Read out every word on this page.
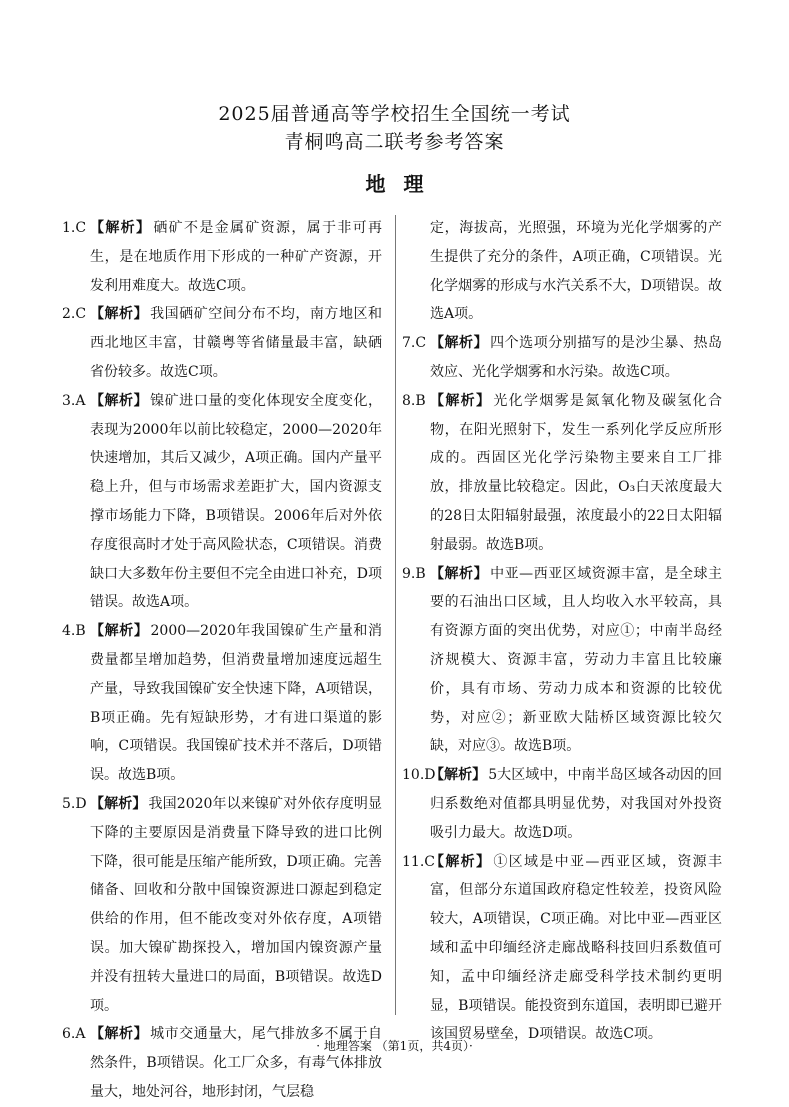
2025届普通高等学校招生全国统一考试
青桐鸣高二联考参考答案
地理

1.C 【解析】 硒矿不是金属矿资源，属于非可再生，是在地质作用下形成的一种矿产资源，开发利用难度大。故选C项。

2.C 【解析】 我国硒矿空间分布不均，南方地区和西北地区丰富，甘赣粤等省储量最丰富，缺硒省份较多。故选C项。

3.A 【解析】 镍矿进口量的变化体现安全度变化，表现为2000年以前比较稳定，2000—2020年快速增加，其后又减少，A项正确。国内产量平稳上升，但与市场需求差距扩大，国内资源支撑市场能力下降，B项错误。2006年后对外依存度很高时才处于高风险状态，C项错误。消费缺口大多数年份主要但不完全由进口补充，D项错误。故选A项。

4.B 【解析】 2000—2020年我国镍矿生产量和消费量都呈增加趋势，但消费量增加速度远超生产量，导致我国镍矿安全快速下降，A项错误，B项正确。先有短缺形势，才有进口渠道的影响，C项错误。我国镍矿技术并不落后，D项错误。故选B项。

5.D 【解析】 我国2020年以来镍矿对外依存度明显下降的主要原因是消费量下降导致的进口比例下降，很可能是压缩产能所致，D项正确。完善储备、回收和分散中国镍资源进口源起到稳定供给的作用，但不能改变对外依存度，A项错误。加大镍矿勘探投入，增加国内镍资源产量并没有扭转大量进口的局面，B项错误。故选D项。

6.A 【解析】 城市交通量大，尾气排放多不属于自然条件，B项错误。化工厂众多，有毒气体排放量大，地处河谷，地形封闭，气层稳

定，海拔高，光照强，环境为光化学烟雾的产生提供了充分的条件，A项正确，C项错误。光化学烟雾的形成与水汽关系不大，D项错误。故选A项。

7.C 【解析】 四个选项分别描写的是沙尘暴、热岛效应、光化学烟雾和水污染。故选C项。

8.B 【解析】 光化学烟雾是氮氧化物及碳氢化合物，在阳光照射下，发生一系列化学反应所形成的。西固区光化学污染物主要来自工厂排放，排放量比较稳定。因此，O₃白天浓度最大的28日太阳辐射最强，浓度最小的22日太阳辐射最弱。故选B项。

9.B 【解析】 中亚—西亚区域资源丰富，是全球主要的石油出口区域，且人均收入水平较高，具有资源方面的突出优势，对应①；中南半岛经济规模大、资源丰富，劳动力丰富且比较廉价，具有市场、劳动力成本和资源的比较优势，对应②；新亚欧大陆桥区域资源比较欠缺，对应③。故选B项。

10.D
【解析】 5大区域中，中南半岛区域各动因的回归系数绝对值都具明显优势，对我国对外投资吸引力最大。故选D项。

11.C
【解析】 ①区域是中亚—西亚区域，资源丰富，但部分东道国政府稳定性较差，投资风险较大，A项错误，C项正确。对比中亚—西亚区域和孟中印缅经济走廊战略科技回归系数值可知，孟中印缅经济走廊受科学技术制约更明显，B项错误。能投资到东道国，表明即已避开该国贸易壁垒，D项错误。故选C项。

· 地理答案 （第1页，共4页）·
